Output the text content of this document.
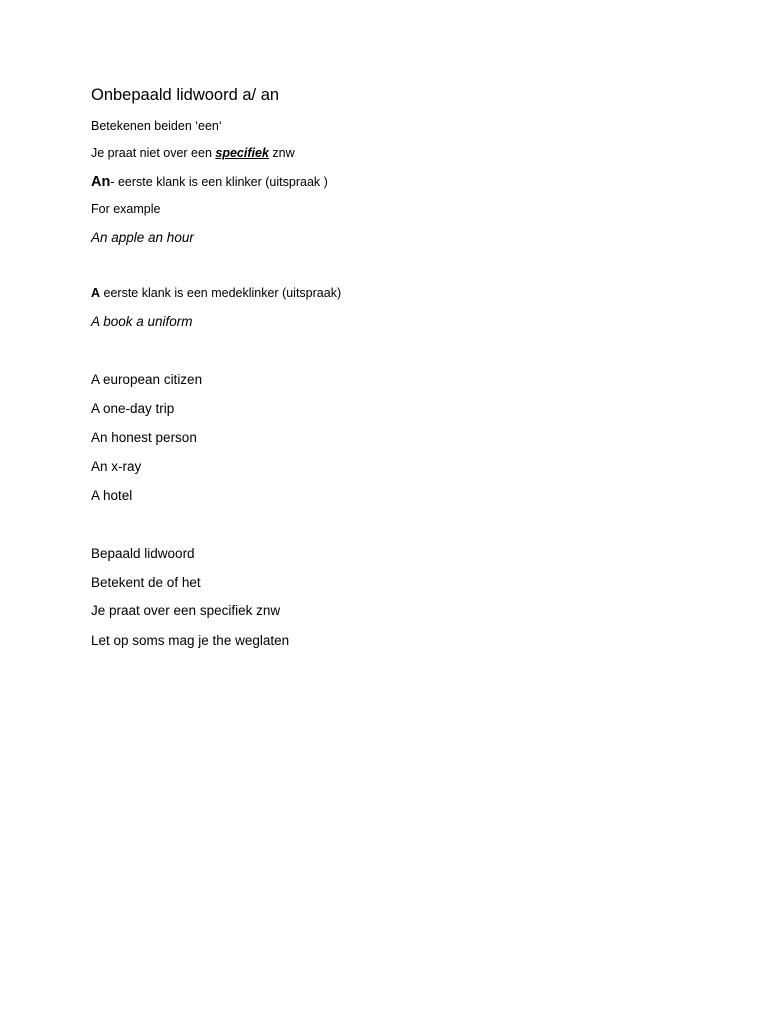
Onbepaald lidwoord a/ an
Betekenen beiden ‘een‘
Je praat niet over een specifiek znw
An- eerste klank is een klinker (uitspraak )
For example
An apple an hour
A eerste klank is een medeklinker (uitspraak)
A book a uniform
A european citizen
A one-day trip
An honest person
An x-ray
A hotel
Bepaald lidwoord
Betekent de of het
Je praat over een specifiek znw
Let op soms mag je the weglaten
